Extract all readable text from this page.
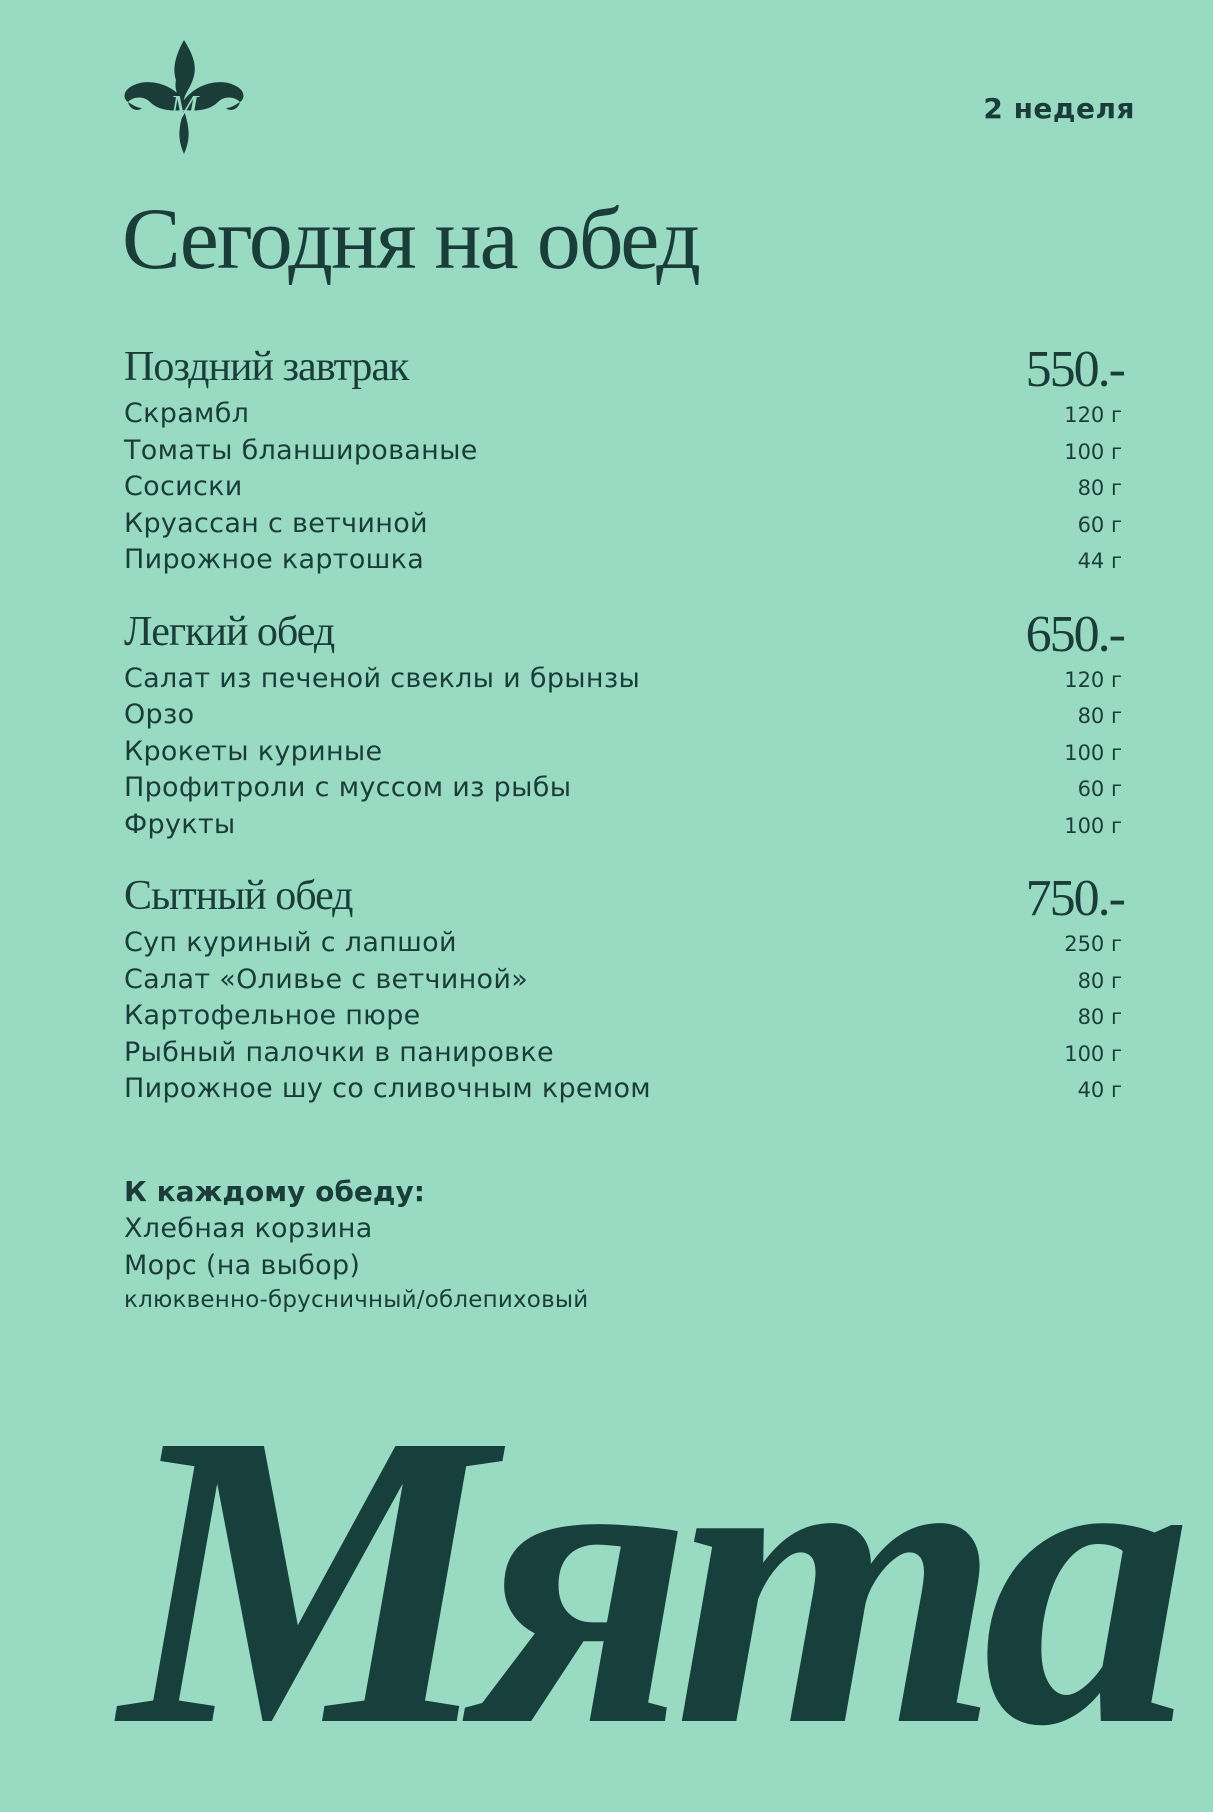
M	2 неделя
Сегодня на обед
Поздний завтрак	550.-
Скрамбл	120 г
Томаты бланшированые	100 г
Сосиски	80 г
Круассан с ветчиной	60 г
Пирожное картошка	44 г
Легкий обед	650.-
Салат из печеной свеклы и брынзы	120 г
Орзо	80 г
Крокеты куриные	100 г
Профитроли с муссом из рыбы	60 г
Фрукты	100 г
Сытный обед	750.-
Суп куриный с лапшой	250 г
Салат «Оливье с ветчиной»	80 г
Картофельное пюре	80 г
Рыбный палочки в панировке	100 г
Пирожное шу со сливочным кремом	40 г
К каждому обеду:
Хлебная корзина
Морс (на выбор)
клюквенно-брусничный/облепиховый
Мята
